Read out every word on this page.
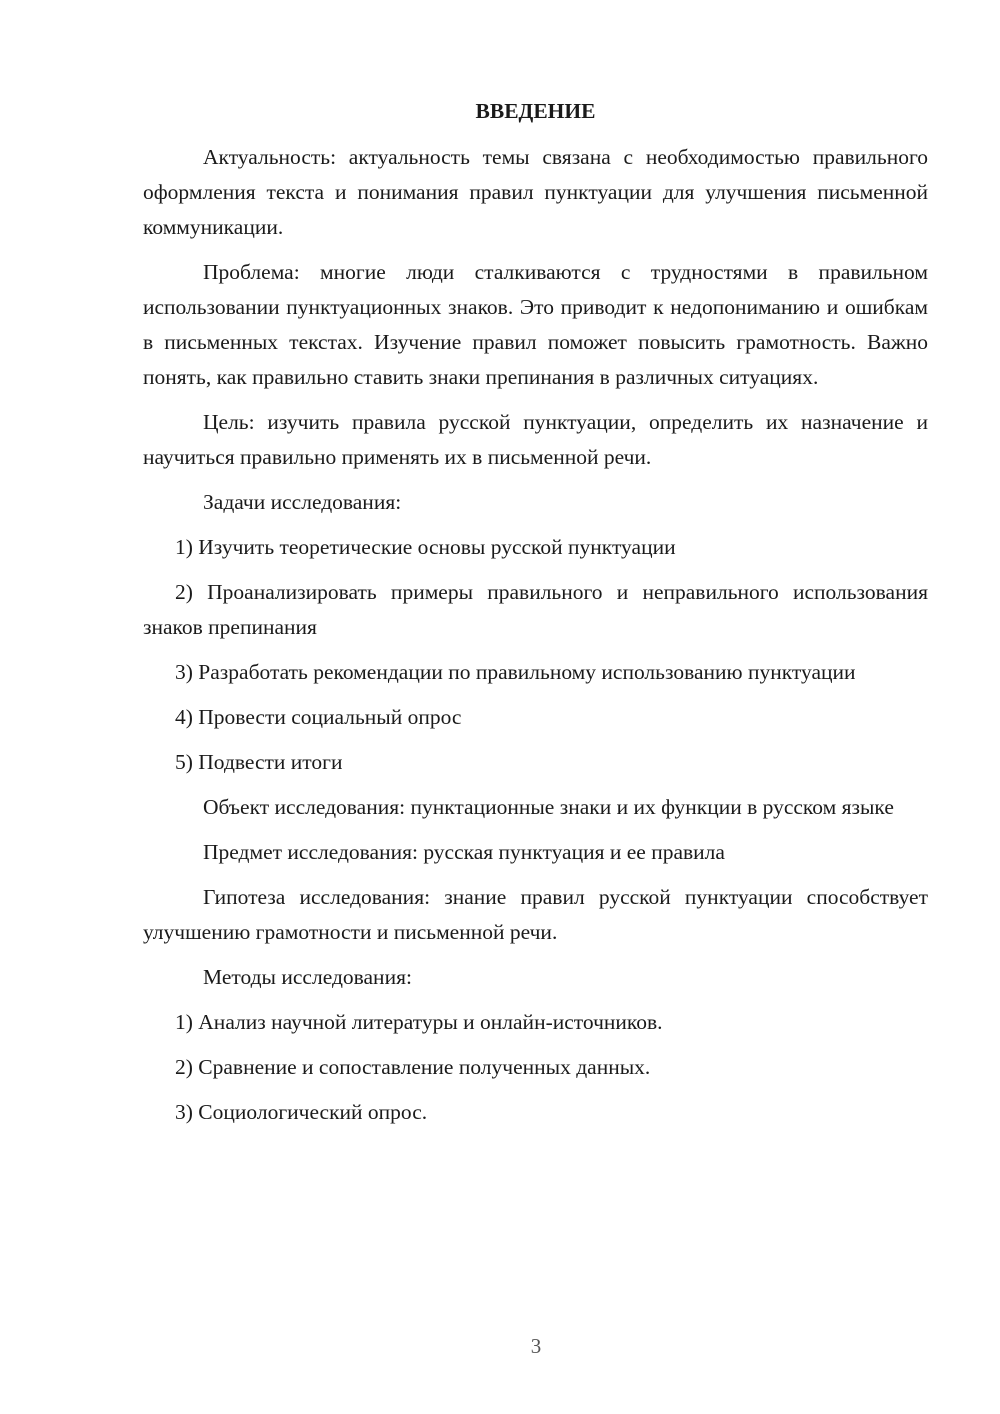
ВВЕДЕНИЕ

Актуальность: актуальность темы связана с необходимостью правильного оформления текста и понимания правил пунктуации для улучшения письменной коммуникации.

Проблема: многие люди сталкиваются с трудностями в правильном использовании пунктуационных знаков. Это приводит к недопониманию и ошибкам в письменных текстах. Изучение правил поможет повысить грамотность. Важно понять, как правильно ставить знаки препинания в различных ситуациях.

Цель: изучить правила русской пунктуации, определить их назначение и научиться правильно применять их в письменной речи.

Задачи исследования:

1) Изучить теоретические основы русской пунктуации

2) Проанализировать примеры правильного и неправильного использования знаков препинания

3) Разработать рекомендации по правильному использованию пунктуации

4) Провести социальный опрос

5) Подвести итоги

Объект исследования: пунктационные знаки и их функции в русском языке

Предмет исследования: русская пунктуация и ее правила

Гипотеза исследования: знание правил русской пунктуации способствует улучшению грамотности и письменной речи.

Методы исследования:

1) Анализ научной литературы и онлайн-источников.

2) Сравнение и сопоставление полученных данных.

3) Социологический опрос.

3
